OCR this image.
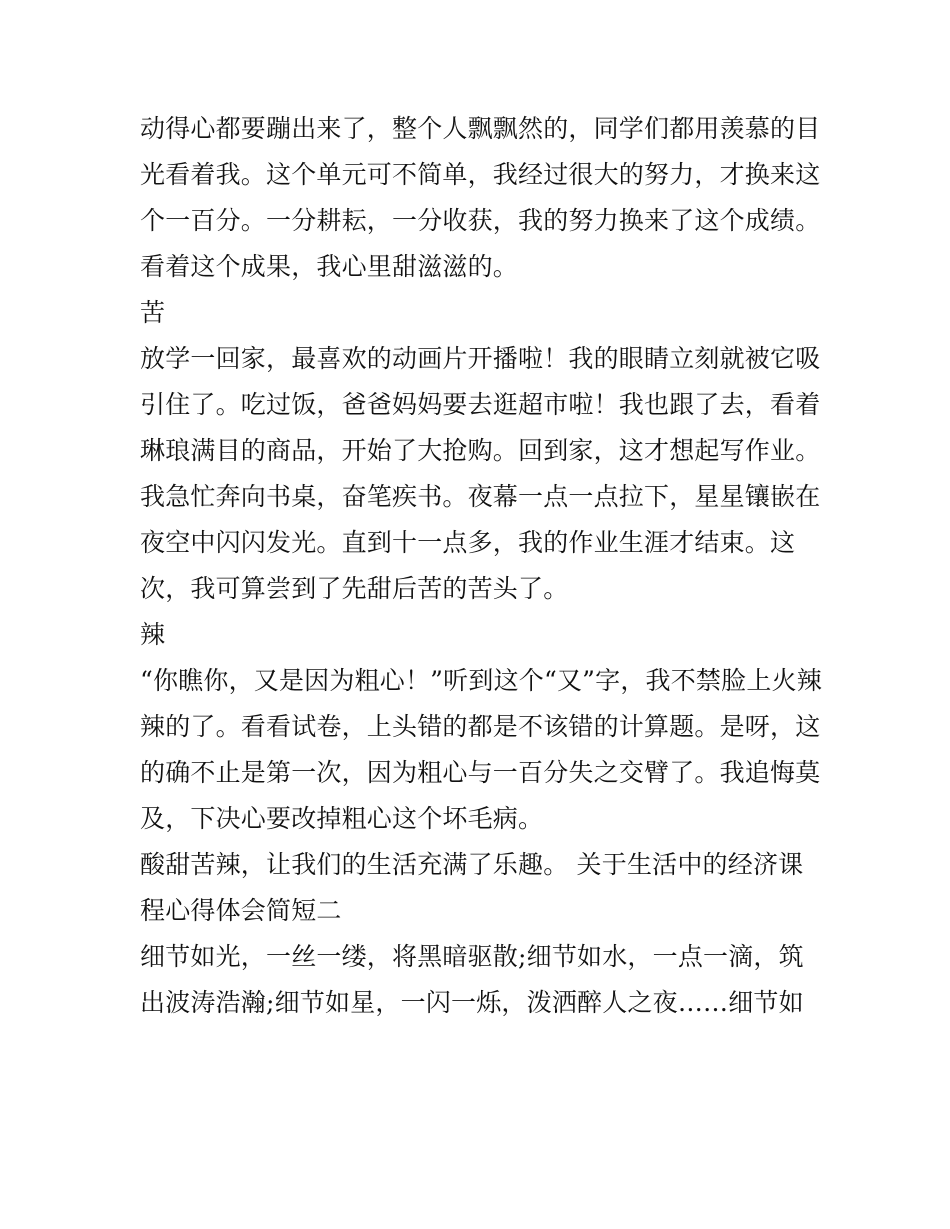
动得心都要蹦出来了，整个人飘飘然的，同学们都用羡慕的目
光看着我。这个单元可不简单，我经过很大的努力，才换来这
个一百分。一分耕耘，一分收获，我的努力换来了这个成绩。
看着这个成果，我心里甜滋滋的。
苦
放学一回家，最喜欢的动画片开播啦！我的眼睛立刻就被它吸
引住了。吃过饭，爸爸妈妈要去逛超市啦！我也跟了去，看着
琳琅满目的商品，开始了大抢购。回到家，这才想起写作业。
我急忙奔向书桌，奋笔疾书。夜幕一点一点拉下，星星镶嵌在
夜空中闪闪发光。直到十一点多，我的作业生涯才结束。这
次，我可算尝到了先甜后苦的苦头了。
辣
“你瞧你，又是因为粗心！”听到这个“又”字，我不禁脸上火辣
辣的了。看看试卷，上头错的都是不该错的计算题。是呀，这
的确不止是第一次，因为粗心与一百分失之交臂了。我追悔莫
及，下决心要改掉粗心这个坏毛病。
酸甜苦辣，让我们的生活充满了乐趣。 关于生活中的经济课
程心得体会简短二
细节如光，一丝一缕，将黑暗驱散;细节如水，一点一滴，筑
出波涛浩瀚;细节如星，一闪一烁，泼洒醉人之夜……细节如
